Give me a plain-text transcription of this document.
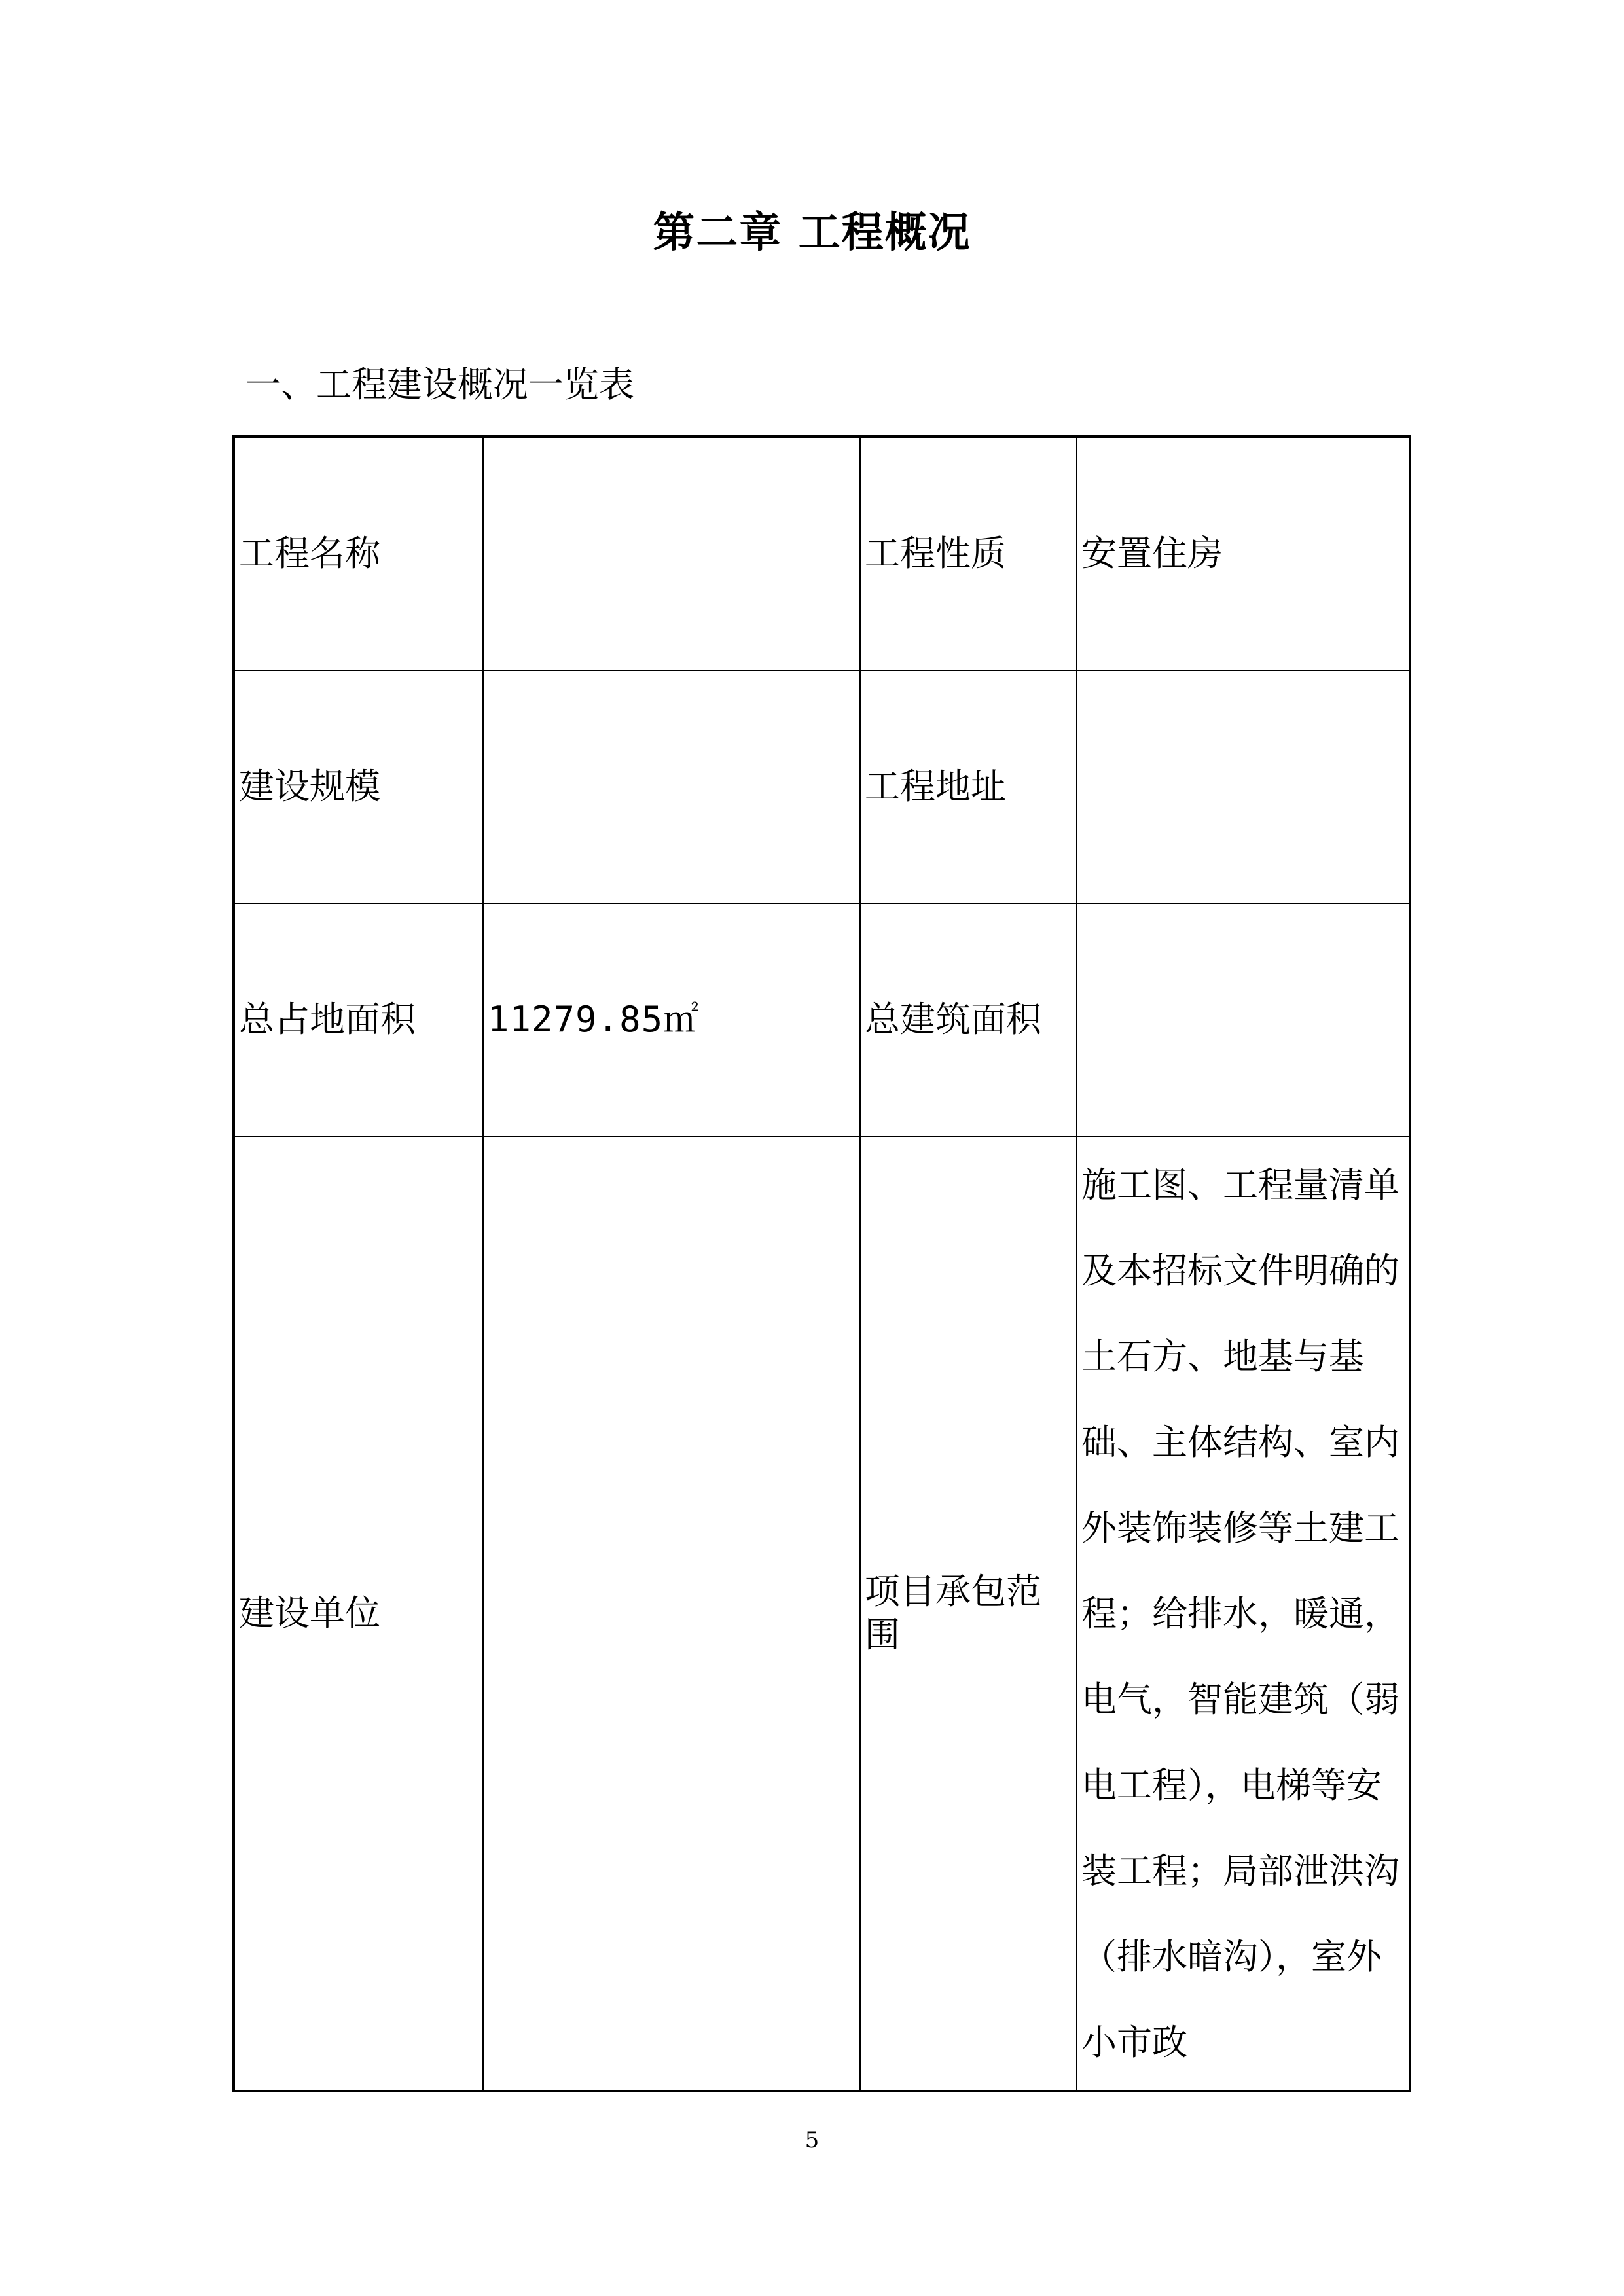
第二章 工程概况
一、工程建设概况一览表
工程名称		工程性质	安置住房
建设规模		工程地址	
总占地面积	11279.85㎡	总建筑面积	
建设单位		项目承包范围	施工图、工程量清单及本招标文件明确的土石方、地基与基础、主体结构、室内外装饰装修等土建工程；给排水，暖通，电气，智能建筑（弱电工程），电梯等安装工程；局部泄洪沟（排水暗沟），室外小市政
5
